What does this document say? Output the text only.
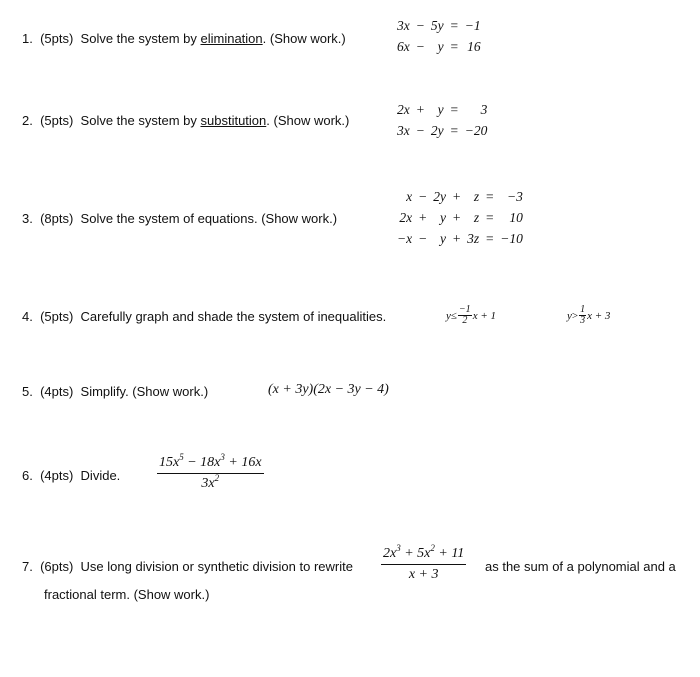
1. (5pts) Solve the system by elimination. (Show work.)
3x	−	5y	=	−1
6x	−	y	=	16
2. (5pts) Solve the system by substitution. (Show work.)
2x	+	y	=	3
3x	−	2y	=	−20
3. (8pts) Solve the system of equations. (Show work.)
x	−	2y	+	z	=	−3
2x	+	y	+	z	=	10
−x	−	y	+	3z	=	−10
4. (5pts) Carefully graph and shade the system of inequalities.	$y \le \frac{-1}{2}$ x + 1	y > 1
3 x + 3
5. (4pts) Simplify. (Show work.)	(x + 3y)(2x − 3y − 4)
6. (4pts) Divide.	$\frac{15x^5 - 18x^3 + 16x}{3x^2}$
7. (6pts) Use long division or synthetic division to rewrite $\frac{2x^3 + 5x^2 + 11}{x + 3}$ as the sum of a polynomial and a
fractional term. (Show work.)
